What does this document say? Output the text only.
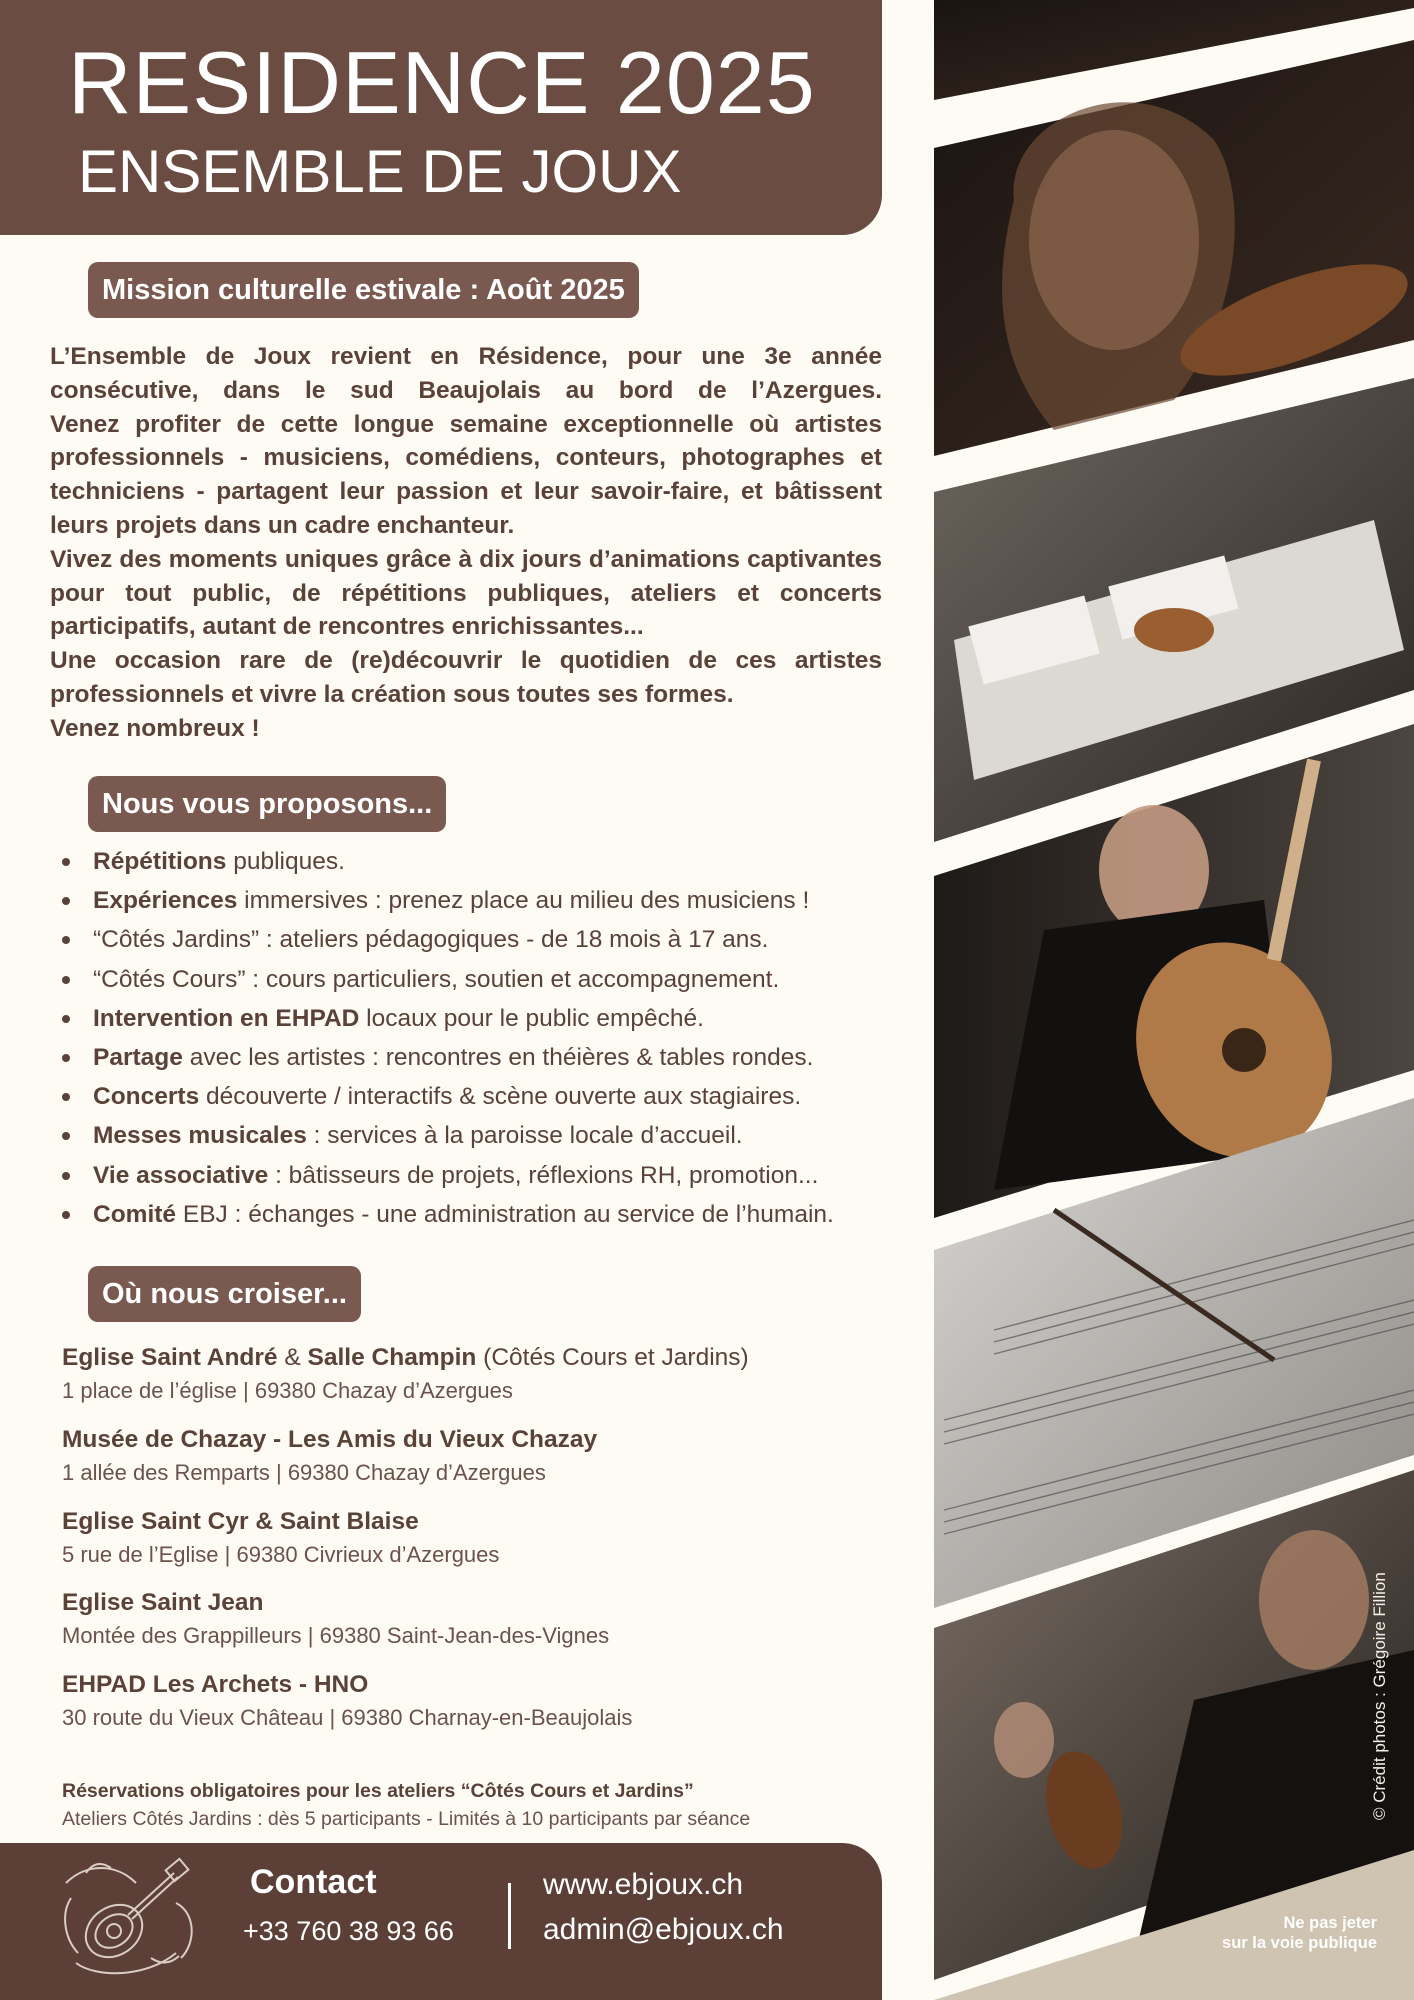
RESIDENCE 2025
ENSEMBLE DE JOUX
Mission culturelle estivale : Août 2025

L’Ensemble de Joux revient en Résidence, pour une 3e année consécutive, dans le sud Beaujolais au bord de l’Azergues.

Venez profiter de cette longue semaine exceptionnelle où artistes professionnels - musiciens, comédiens, conteurs, photographes et techniciens - partagent leur passion et leur savoir-faire, et bâtissent leurs projets dans un cadre enchanteur.

Vivez des moments uniques grâce à dix jours d’animations captivantes pour tout public, de répétitions publiques, ateliers et concerts participatifs, autant de rencontres enrichissantes...

Une occasion rare de (re)découvrir le quotidien de ces artistes professionnels et vivre la création sous toutes ses formes.

Venez nombreux !

Nous vous proposons...
Répétitions publiques.
Expériences immersives : prenez place au milieu des musiciens !
“Côtés Jardins” : ateliers pédagogiques - de 18 mois à 17 ans.
“Côtés Cours” : cours particuliers, soutien et accompagnement.
Intervention en EHPAD locaux pour le public empêché.
Partage avec les artistes : rencontres en théières & tables rondes.
Concerts découverte / interactifs & scène ouverte aux stagiaires.
Messes musicales : services à la paroisse locale d’accueil.
Vie associative : bâtisseurs de projets, réflexions RH, promotion...
Comité EBJ : échanges - une administration au service de l’humain.
Où nous croiser...
Eglise Saint André & Salle Champin (Côtés Cours et Jardins)
1 place de l’église | 69380 Chazay d’Azergues
Musée de Chazay - Les Amis du Vieux Chazay
1 allée des Remparts | 69380 Chazay d’Azergues
Eglise Saint Cyr & Saint Blaise
5 rue de l’Eglise | 69380 Civrieux d’Azergues
Eglise Saint Jean
Montée des Grappilleurs | 69380 Saint-Jean-des-Vignes
EHPAD Les Archets - HNO
30 route du Vieux Château | 69380 Charnay-en-Beaujolais
Réservations obligatoires pour les ateliers “Côtés Cours et Jardins”
Ateliers Côtés Jardins : dès 5 participants - Limités à 10 participants par séance
Contact
+33 760 38 93 66
www.ebjoux.ch
admin@ebjoux.ch
© Crédit photos : Grégoire Fillion
Ne pas jeter
sur la voie publique
